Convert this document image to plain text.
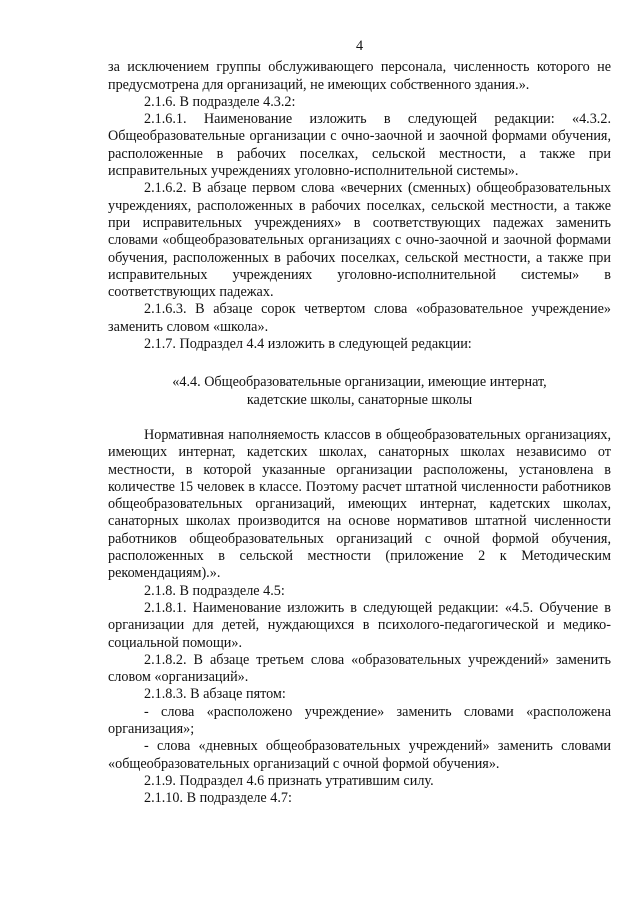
4

за исключением группы обслуживающего персонала, численность которого не предусмотрена для организаций, не имеющих собственного здания.».

2.1.6. В подразделе 4.3.2:

2.1.6.1. Наименование изложить в следующей редакции: «4.3.2. Общеобразовательные организации с очно-заочной и заочной формами обучения, расположенные в рабочих поселках, сельской местности, а также при исправительных учреждениях уголовно-исполнительной системы».

2.1.6.2. В абзаце первом слова «вечерних (сменных) общеобразовательных учреждениях, расположенных в рабочих поселках, сельской местности, а также при исправительных учреждениях» в соответствующих падежах заменить словами «общеобразовательных организациях с очно-заочной и заочной формами обучения, расположенных в рабочих поселках, сельской местности, а также при исправительных учреждениях уголовно-исполнительной системы» в соответствующих падежах.

2.1.6.3. В абзаце сорок четвертом слова «образовательное учреждение» заменить словом «школа».

2.1.7. Подраздел 4.4 изложить в следующей редакции:

«4.4. Общеобразовательные организации, имеющие интернат,
кадетские школы, санаторные школы

Нормативная наполняемость классов в общеобразовательных организациях, имеющих интернат, кадетских школах, санаторных школах независимо от местности, в которой указанные организации расположены, установлена в количестве 15 человек в классе. Поэтому расчет штатной численности работников общеобразовательных организаций, имеющих интернат, кадетских школах, санаторных школах производится на основе нормативов штатной численности работников общеобразовательных организаций с очной формой обучения, расположенных в сельской местности (приложение 2 к Методическим рекомендациям).».

2.1.8. В подразделе 4.5:

2.1.8.1. Наименование изложить в следующей редакции: «4.5. Обучение в организации для детей, нуждающихся в психолого-педагогической и медико-социальной помощи».

2.1.8.2. В абзаце третьем слова «образовательных учреждений» заменить словом «организаций».

2.1.8.3. В абзаце пятом:

- слова «расположено учреждение» заменить словами «расположена организация»;

- слова «дневных общеобразовательных учреждений» заменить словами «общеобразовательных организаций с очной формой обучения».

2.1.9. Подраздел 4.6 признать утратившим силу.

2.1.10. В подразделе 4.7:
